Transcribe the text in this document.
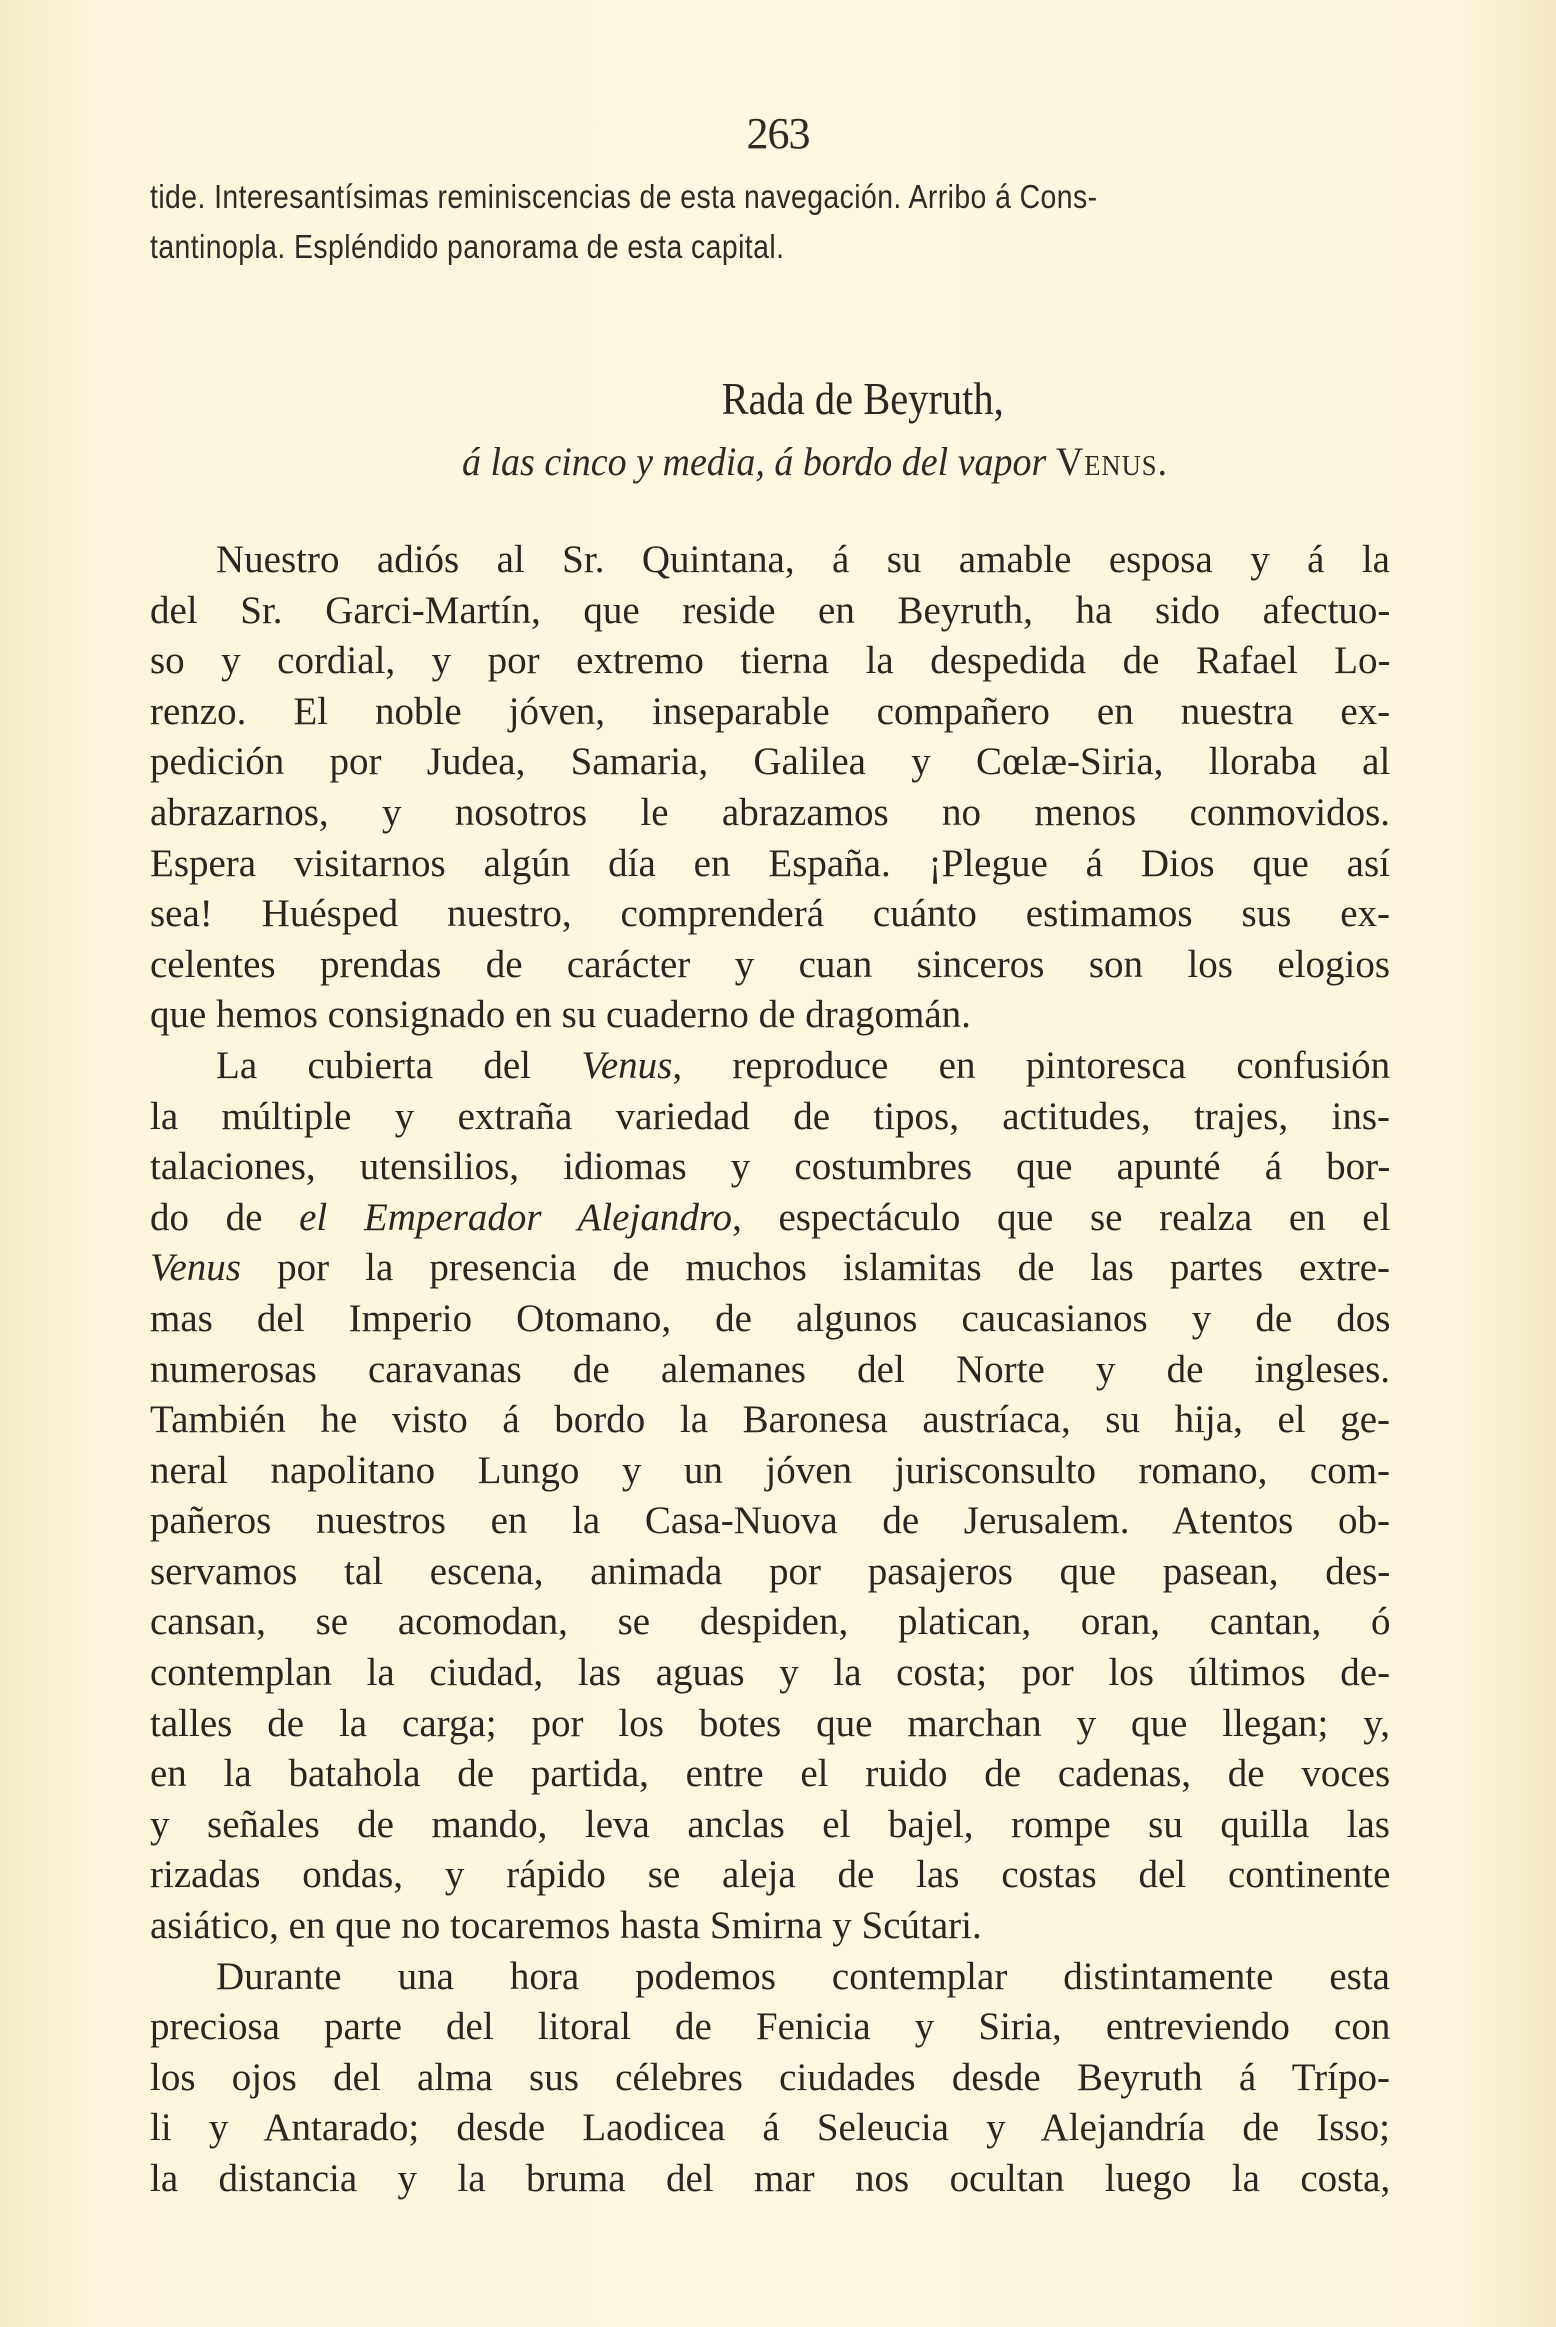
263
tide. Interesantísimas reminiscencias de esta navegación. Arribo á Cons-
tantinopla. Espléndido panorama de esta capital.
Rada de Beyruth,
á las cinco y media, á bordo del vapor Venus.
Nuestro adiós al Sr. Quintana, á su amable esposa y á la
del Sr. Garci-Martín, que reside en Beyruth, ha sido afectuo-
so y cordial, y por extremo tierna la despedida de Rafael Lo-
renzo. El noble jóven, inseparable compañero en nuestra ex-
pedición por Judea, Samaria, Galilea y Cœlæ-Siria, lloraba al
abrazarnos, y nosotros le abrazamos no menos conmovidos.
Espera visitarnos algún día en España. ¡Plegue á Dios que así
sea! Huésped nuestro, comprenderá cuánto estimamos sus ex-
celentes prendas de carácter y cuan sinceros son los elogios
que hemos consignado en su cuaderno de dragomán.
La cubierta del Venus, reproduce en pintoresca confusión
la múltiple y extraña variedad de tipos, actitudes, trajes, ins-
talaciones, utensilios, idiomas y costumbres que apunté á bor-
do de el Emperador Alejandro, espectáculo que se realza en el
Venus por la presencia de muchos islamitas de las partes extre-
mas del Imperio Otomano, de algunos caucasianos y de dos
numerosas caravanas de alemanes del Norte y de ingleses.
También he visto á bordo la Baronesa austríaca, su hija, el ge-
neral napolitano Lungo y un jóven jurisconsulto romano, com-
pañeros nuestros en la Casa-Nuova de Jerusalem. Atentos ob-
servamos tal escena, animada por pasajeros que pasean, des-
cansan, se acomodan, se despiden, platican, oran, cantan, ó
contemplan la ciudad, las aguas y la costa; por los últimos de-
talles de la carga; por los botes que marchan y que llegan; y,
en la batahola de partida, entre el ruido de cadenas, de voces
y señales de mando, leva anclas el bajel, rompe su quilla las
rizadas ondas, y rápido se aleja de las costas del continente
asiático, en que no tocaremos hasta Smirna y Scútari.
Durante una hora podemos contemplar distintamente esta
preciosa parte del litoral de Fenicia y Siria, entreviendo con
los ojos del alma sus célebres ciudades desde Beyruth á Trípo-
li y Antarado; desde Laodicea á Seleucia y Alejandría de Isso;
la distancia y la bruma del mar nos ocultan luego la costa,
